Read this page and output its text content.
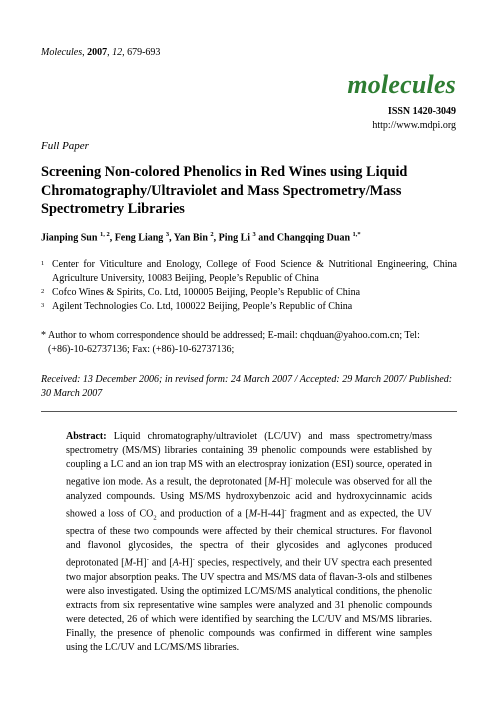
Molecules, 2007, 12, 679-693
molecules
ISSN 1420-3049
http://www.mdpi.org
Full Paper
Screening Non-colored Phenolics in Red Wines using Liquid Chromatography/Ultraviolet and Mass Spectrometry/Mass Spectrometry Libraries
Jianping Sun $^{1, 2}$, Feng Liang $^3$, Yan Bin $^2$, Ping Li $^3$ and Changqing Duan $^{1,*}$
1 Center for Viticulture and Enology, College of Food Science & Nutritional Engineering, China Agriculture University, 10083 Beijing, People’s Republic of China
2 Cofco Wines & Spirits, Co. Ltd, 100005 Beijing, People’s Republic of China
3 Agilent Technologies Co. Ltd, 100022 Beijing, People’s Republic of China
* Author to whom correspondence should be addressed; E-mail: chqduan@yahoo.com.cn; Tel: (+86)-10-62737136; Fax: (+86)-10-62737136;
Received: 13 December 2006; in revised form: 24 March 2007 / Accepted: 29 March 2007/ Published: 30 March 2007
Abstract: Liquid chromatography/ultraviolet (LC/UV) and mass spectrometry/mass spectrometry (MS/MS) libraries containing 39 phenolic compounds were established by coupling a LC and an ion trap MS with an electrospray ionization (ESI) source, operated in negative ion mode. As a result, the deprotonated [M-H]- molecule was observed for all the analyzed compounds. Using MS/MS hydroxybenzoic acid and hydroxycinnamic acids showed a loss of $CO_2$ and production of a [M-H-44]- fragment and as expected, the UV spectra of these two compounds were affected by their chemical structures. For flavonol and flavonol glycosides, the spectra of their glycosides and aglycones produced deprotonated [M-H]- and [A-H]- species, respectively, and their UV spectra each presented two major absorption peaks. The UV spectra and MS/MS data of flavan-3-ols and stilbenes were also investigated. Using the optimized LC/MS/MS analytical conditions, the phenolic extracts from six representative wine samples were analyzed and 31 phenolic compounds were detected, 26 of which were identified by searching the LC/UV and MS/MS libraries. Finally, the presence of phenolic compounds was confirmed in different wine samples using the LC/UV and LC/MS/MS libraries.
